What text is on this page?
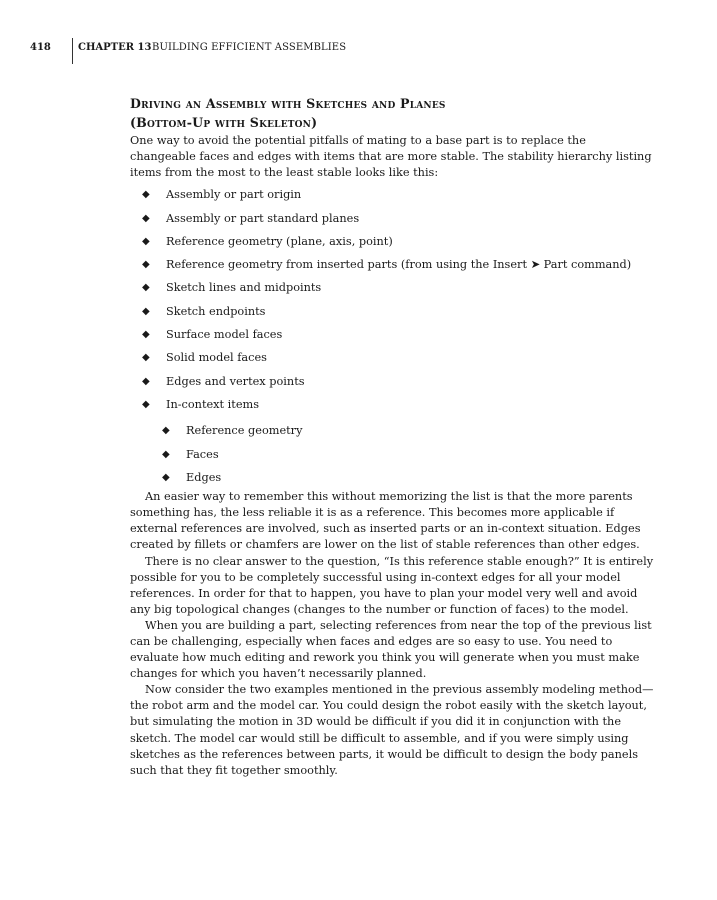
418	CHAPTER 13 BUILDING EFFICIENT ASSEMBLIES
Driving an Assembly with Sketches and Planes
(Bottom-Up with Skeleton)

One way to avoid the potential pitfalls of mating to a base part is to replace the changeable faces and edges with items that are more stable. The stability hierarchy listing items from the most to the least stable looks like this:

◆ Assembly or part origin
◆ Assembly or part standard planes
◆ Reference geometry (plane, axis, point)
◆ Reference geometry from inserted parts (from using the Insert ➤ Part command)
◆ Sketch lines and midpoints
◆ Sketch endpoints
◆ Surface model faces
◆ Solid model faces
◆ Edges and vertex points
◆ In-context items
◆ Reference geometry
◆ Faces
◆ Edges

An easier way to remember this without memorizing the list is that the more parents something has, the less reliable it is as a reference. This becomes more applicable if external references are involved, such as inserted parts or an in-context situation. Edges created by fillets or chamfers are lower on the list of stable references than other edges.

There is no clear answer to the question, “Is this reference stable enough?” It is entirely possible for you to be completely successful using in-context edges for all your model references. In order for that to happen, you have to plan your model very well and avoid any big topological changes (changes to the number or function of faces) to the model.

When you are building a part, selecting references from near the top of the previous list can be challenging, especially when faces and edges are so easy to use. You need to evaluate how much editing and rework you think you will generate when you must make changes for which you haven’t necessarily planned.

Now consider the two examples mentioned in the previous assembly modeling method—the robot arm and the model car. You could design the robot easily with the sketch layout, but simulating the motion in 3D would be difficult if you did it in conjunction with the sketch. The model car would still be difficult to assemble, and if you were simply using sketches as the references between parts, it would be difficult to design the body panels such that they fit together smoothly.
